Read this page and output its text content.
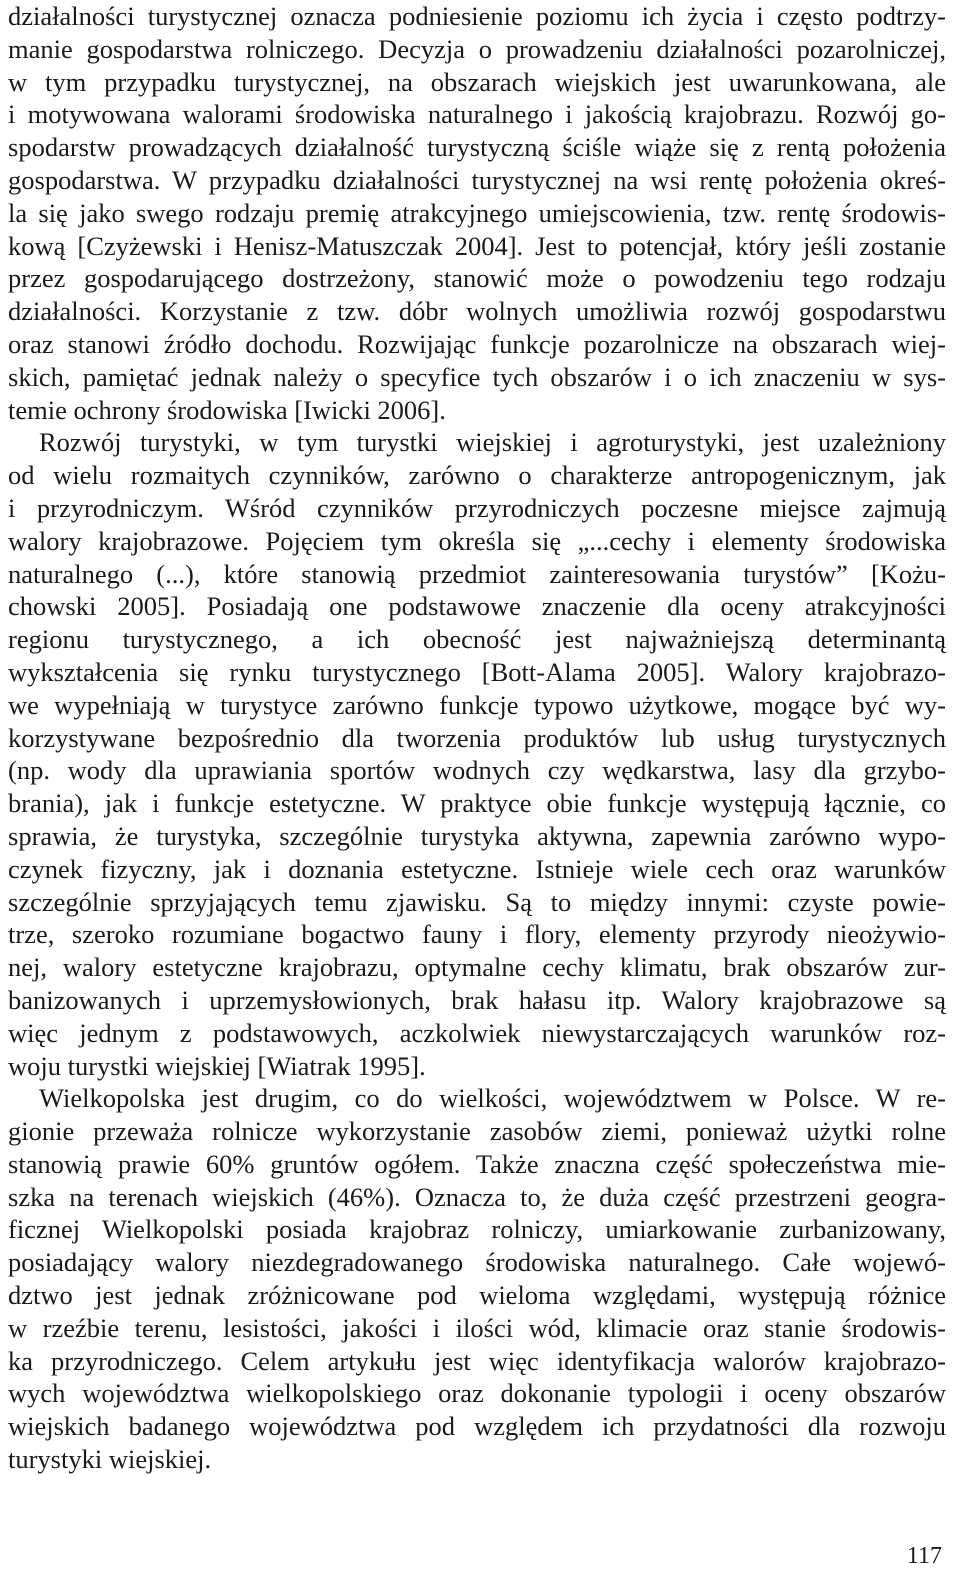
działalności turystycznej oznacza podniesienie poziomu ich życia i często podtrzy-
manie gospodarstwa rolniczego. Decyzja o prowadzeniu działalności pozarolniczej,
w tym przypadku turystycznej, na obszarach wiejskich jest uwarunkowana, ale
i motywowana walorami środowiska naturalnego i jakością krajobrazu. Rozwój go-
spodarstw prowadzących działalność turystyczną ściśle wiąże się z rentą położenia
gospodarstwa. W przypadku działalności turystycznej na wsi rentę położenia okreś-
la się jako swego rodzaju premię atrakcyjnego umiejscowienia, tzw. rentę środowis-
kową [Czyżewski i Henisz-Matuszczak 2004]. Jest to potencjał, który jeśli zostanie
przez gospodarującego dostrzeżony, stanowić może o powodzeniu tego rodzaju
działalności. Korzystanie z tzw. dóbr wolnych umożliwia rozwój gospodarstwu
oraz stanowi źródło dochodu. Rozwijając funkcje pozarolnicze na obszarach wiej-
skich, pamiętać jednak należy o specyfice tych obszarów i o ich znaczeniu w sys-
temie ochrony środowiska [Iwicki 2006].
Rozwój turystyki, w tym turystki wiejskiej i agroturystyki, jest uzależniony
od wielu rozmaitych czynników, zarówno o charakterze antropogenicznym, jak
i przyrodniczym. Wśród czynników przyrodniczych poczesne miejsce zajmują
walory krajobrazowe. Pojęciem tym określa się „...cechy i elementy środowiska
naturalnego (...), które stanowią przedmiot zainteresowania turystów” [Kożu-
chowski 2005]. Posiadają one podstawowe znaczenie dla oceny atrakcyjności
regionu turystycznego, a ich obecność jest najważniejszą determinantą
wykształcenia się rynku turystycznego [Bott-Alama 2005]. Walory krajobrazo-
we wypełniają w turystyce zarówno funkcje typowo użytkowe, mogące być wy-
korzystywane bezpośrednio dla tworzenia produktów lub usług turystycznych
(np. wody dla uprawiania sportów wodnych czy wędkarstwa, lasy dla grzybo-
brania), jak i funkcje estetyczne. W praktyce obie funkcje występują łącznie, co
sprawia, że turystyka, szczególnie turystyka aktywna, zapewnia zarówno wypo-
czynek fizyczny, jak i doznania estetyczne. Istnieje wiele cech oraz warunków
szczególnie sprzyjających temu zjawisku. Są to między innymi: czyste powie-
trze, szeroko rozumiane bogactwo fauny i flory, elementy przyrody nieożywio-
nej, walory estetyczne krajobrazu, optymalne cechy klimatu, brak obszarów zur-
banizowanych i uprzemysłowionych, brak hałasu itp. Walory krajobrazowe są
więc jednym z podstawowych, aczkolwiek niewystarczających warunków roz-
woju turystki wiejskiej [Wiatrak 1995].
Wielkopolska jest drugim, co do wielkości, województwem w Polsce. W re-
gionie przeważa rolnicze wykorzystanie zasobów ziemi, ponieważ użytki rolne
stanowią prawie 60% gruntów ogółem. Także znaczna część społeczeństwa mie-
szka na terenach wiejskich (46%). Oznacza to, że duża część przestrzeni geogra-
ficznej Wielkopolski posiada krajobraz rolniczy, umiarkowanie zurbanizowany,
posiadający walory niezdegradowanego środowiska naturalnego. Całe wojewó-
dztwo jest jednak zróżnicowane pod wieloma względami, występują różnice
w rzeźbie terenu, lesistości, jakości i ilości wód, klimacie oraz stanie środowis-
ka przyrodniczego. Celem artykułu jest więc identyfikacja walorów krajobrazo-
wych województwa wielkopolskiego oraz dokonanie typologii i oceny obszarów
wiejskich badanego województwa pod względem ich przydatności dla rozwoju
turystyki wiejskiej.
117
